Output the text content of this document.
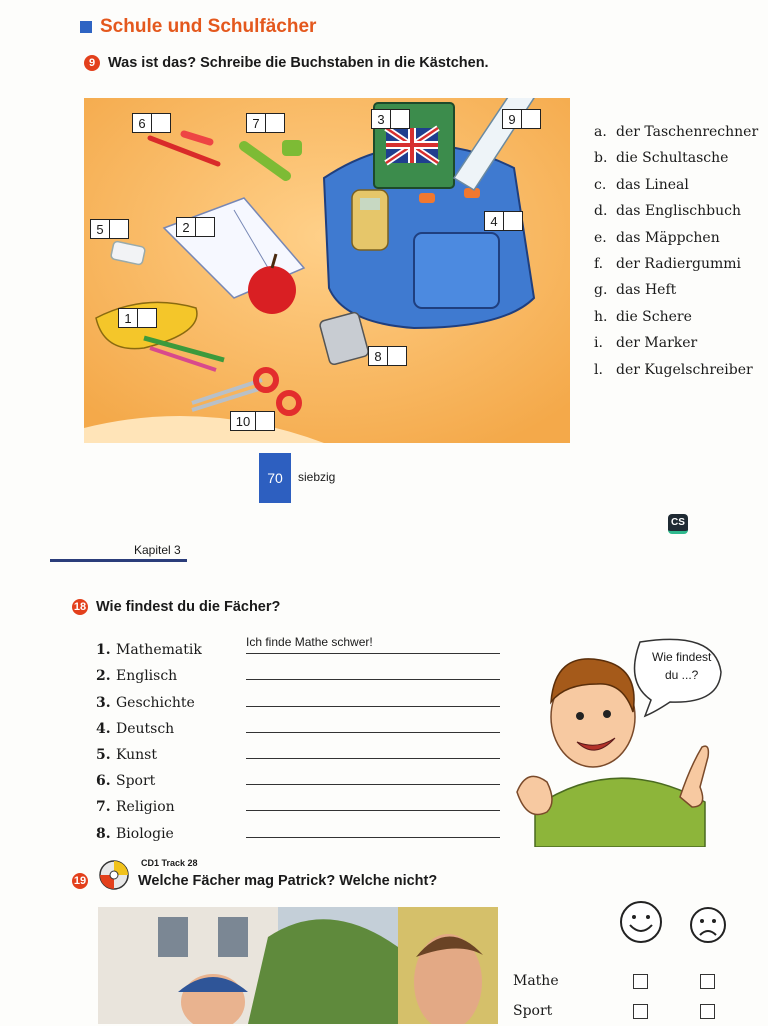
Schule und Schulfächer
9 Was ist das? Schreibe die Buchstaben in die Kästchen.
6	7	3	9
5	2	4
1
8
10
a. der Taschenrechner
b. die Schultasche
c. das Lineal
d. das Englischbuch
e. das Mäppchen
f. der Radiergummi
g. das Heft
h. die Schere
i. der Marker
l. der Kugelschreiber
70	siebzig
CS
Kapitel 3
18 Wie findest du die Fächer?
1. Mathematik	Ich finde Mathe schwer!
2. Englisch
3. Geschichte
4. Deutsch
5. Kunst
6. Sport
7. Religion
8. Biologie
Wie findest
du ...?
CD1 Track 28
19	Welche Fächer mag Patrick? Welche nicht?
Mathe
Sport
